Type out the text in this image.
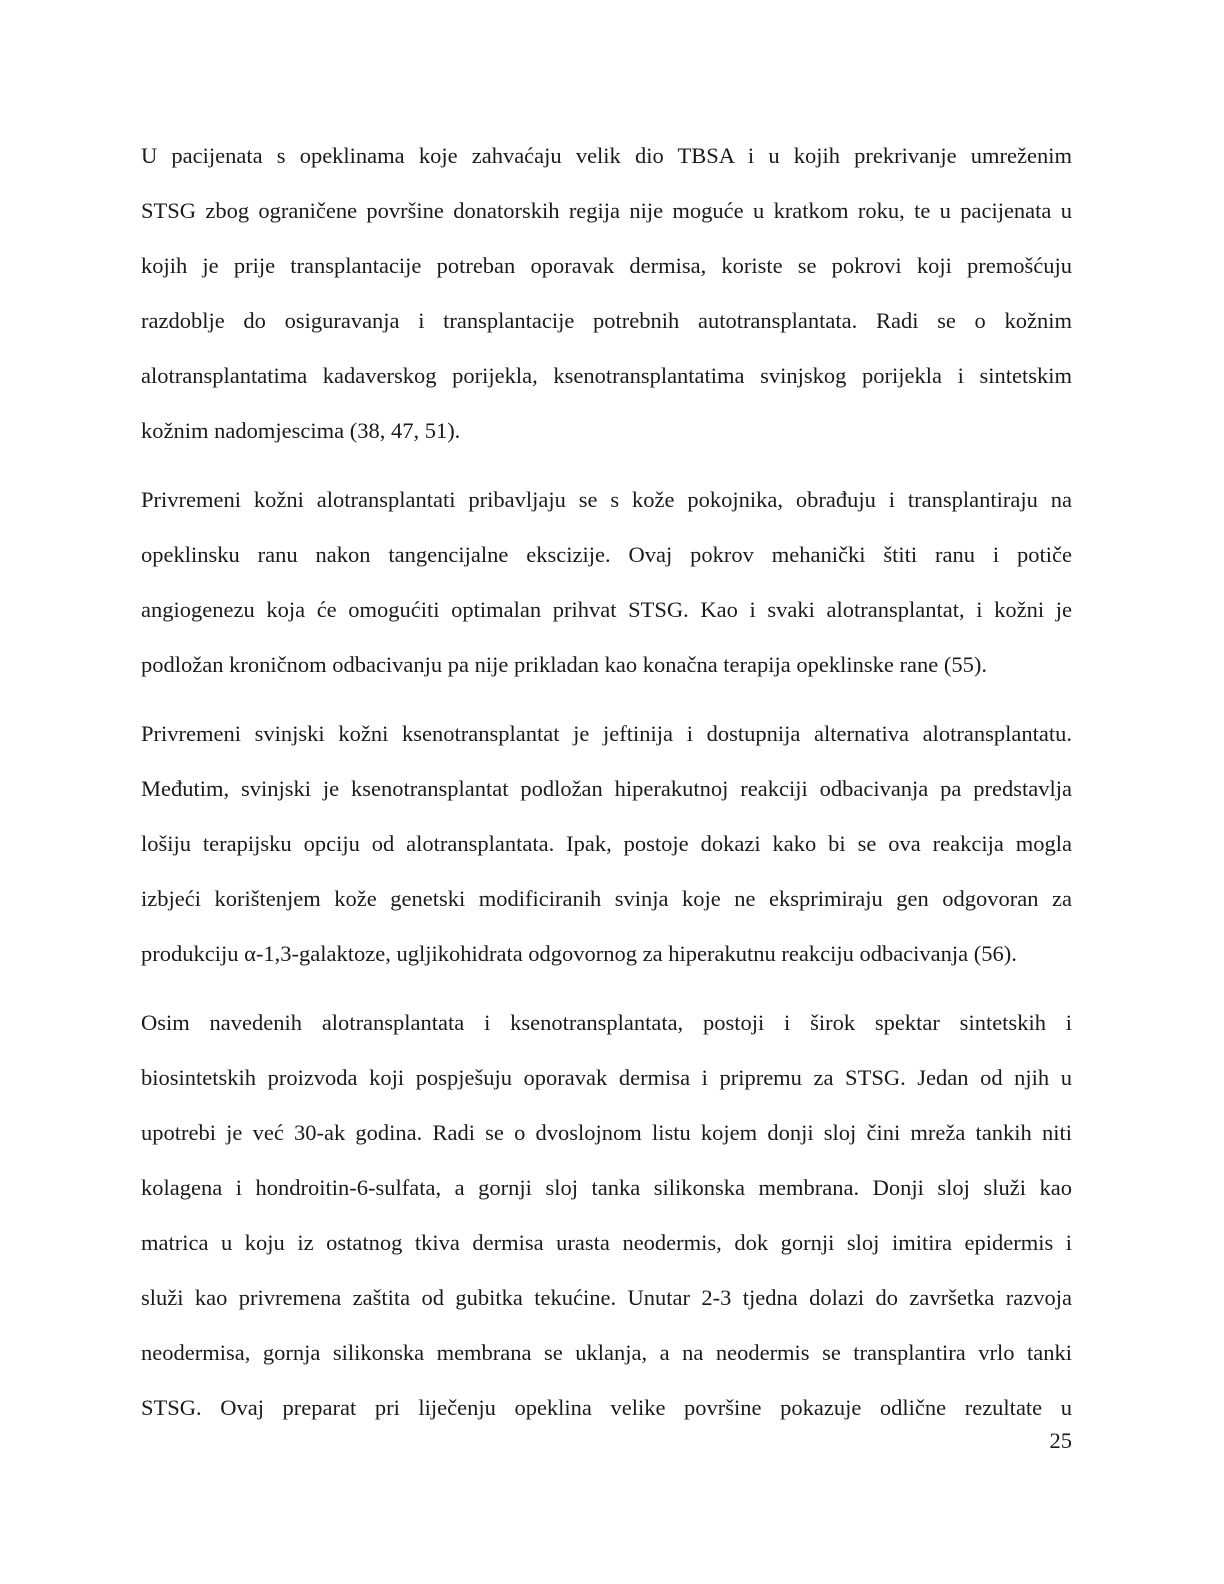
U pacijenata s opeklinama koje zahvaćaju velik dio TBSA i u kojih prekrivanje umreženim
STSG zbog ograničene površine donatorskih regija nije moguće u kratkom roku, te u pacijenata u
kojih je prije transplantacije potreban oporavak dermisa, koriste se pokrovi koji premošćuju
razdoblje do osiguravanja i transplantacije potrebnih autotransplantata. Radi se o kožnim
alotransplantatima kadaverskog porijekla, ksenotransplantatima svinjskog porijekla i sintetskim
kožnim nadomjescima (38, 47, 51).

Privremeni kožni alotransplantati pribavljaju se s kože pokojnika, obrađuju i transplantiraju na
opeklinsku ranu nakon tangencijalne ekscizije. Ovaj pokrov mehanički štiti ranu i potiče
angiogenezu koja će omogućiti optimalan prihvat STSG. Kao i svaki alotransplantat, i kožni je
podložan kroničnom odbacivanju pa nije prikladan kao konačna terapija opeklinske rane (55).

Privremeni svinjski kožni ksenotransplantat je jeftinija i dostupnija alternativa alotransplantatu.
Međutim, svinjski je ksenotransplantat podložan hiperakutnoj reakciji odbacivanja pa predstavlja
lošiju terapijsku opciju od alotransplantata. Ipak, postoje dokazi kako bi se ova reakcija mogla
izbjeći korištenjem kože genetski modificiranih svinja koje ne eksprimiraju gen odgovoran za
produkciju α-1,3-galaktoze, ugljikohidrata odgovornog za hiperakutnu reakciju odbacivanja (56).

Osim navedenih alotransplantata i ksenotransplantata, postoji i širok spektar sintetskih i
biosintetskih proizvoda koji pospješuju oporavak dermisa i pripremu za STSG. Jedan od njih u
upotrebi je već 30-ak godina. Radi se o dvoslojnom listu kojem donji sloj čini mreža tankih niti
kolagena i hondroitin-6-sulfata, a gornji sloj tanka silikonska membrana. Donji sloj služi kao
matrica u koju iz ostatnog tkiva dermisa urasta neodermis, dok gornji sloj imitira epidermis i
služi kao privremena zaštita od gubitka tekućine. Unutar 2-3 tjedna dolazi do završetka razvoja
neodermisa, gornja silikonska membrana se uklanja, a na neodermis se transplantira vrlo tanki
STSG. Ovaj preparat pri liječenju opeklina velike površine pokazuje odlične rezultate u

25
